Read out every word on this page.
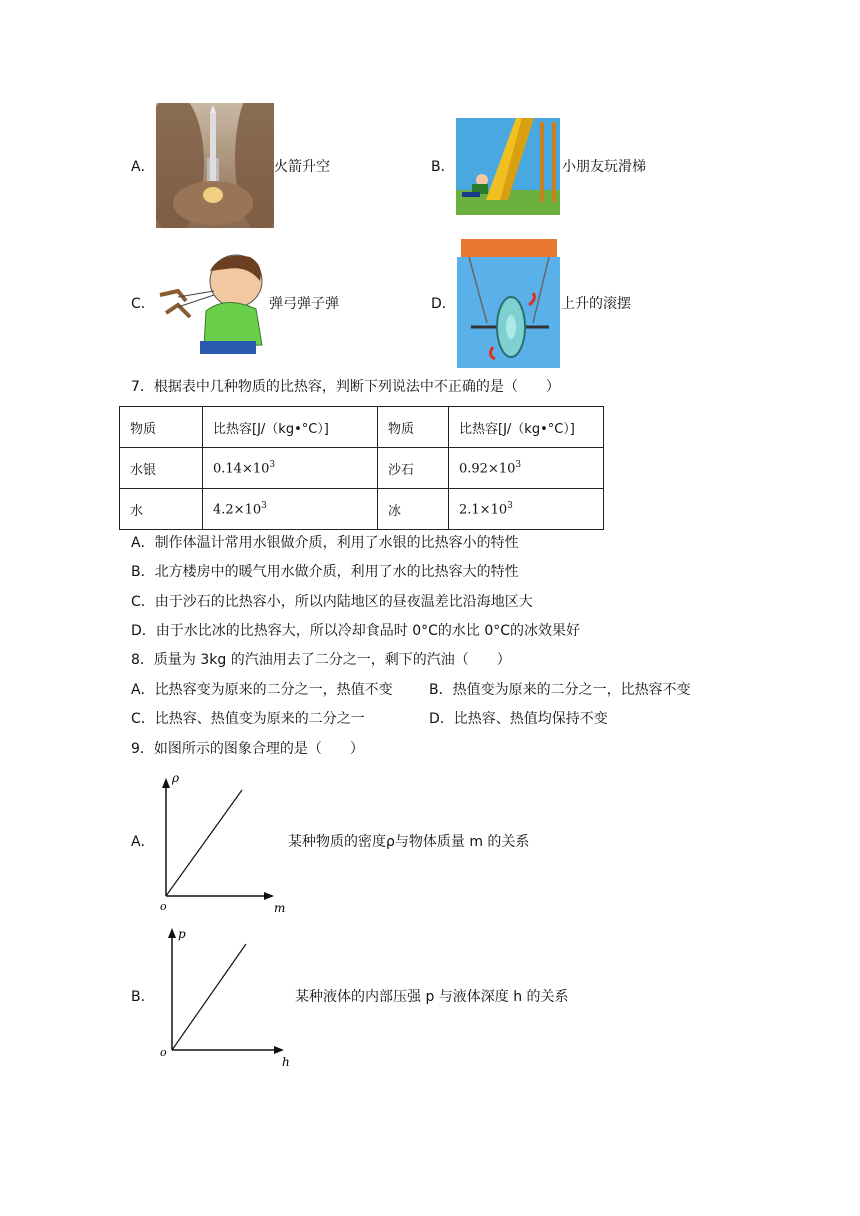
A．	火箭升空	B．	小朋友玩滑梯
C．	弹弓弹子弹	D．	上升的滚摆
7．根据表中几种物质的比热容，判断下列说法中不正确的是（　　）
物质	比热容[J/（kg•°C）]	物质	比热容[J/（kg•°C）]
水银	$0.14\times 10^3$	沙石	$0.92\times 10^3$
水	$4.2\times 10^3$	冰	$2.1\times 10^3$
A．制作体温计常用水银做介质，利用了水银的比热容小的特性
B．北方楼房中的暖气用水做介质，利用了水的比热容大的特性
C．由于沙石的比热容小，所以内陆地区的昼夜温差比沿海地区大
D．由于水比冰的比热容大，所以冷却食品时 0°C的水比 0°C的冰效果好
8．质量为 3kg 的汽油用去了二分之一，剩下的汽油（　　）
A．比热容变为原来的二分之一，热值不变	B．热值变为原来的二分之一，比热容不变
C．比热容、热值变为原来的二分之一	D．比热容、热值均保持不变
9．如图所示的图象合理的是（　　）
A．
ρ
o	m
某种物质的密度ρ与物体质量 m 的关系
B．
p
o
h
某种液体的内部压强 p 与液体深度 h 的关系
